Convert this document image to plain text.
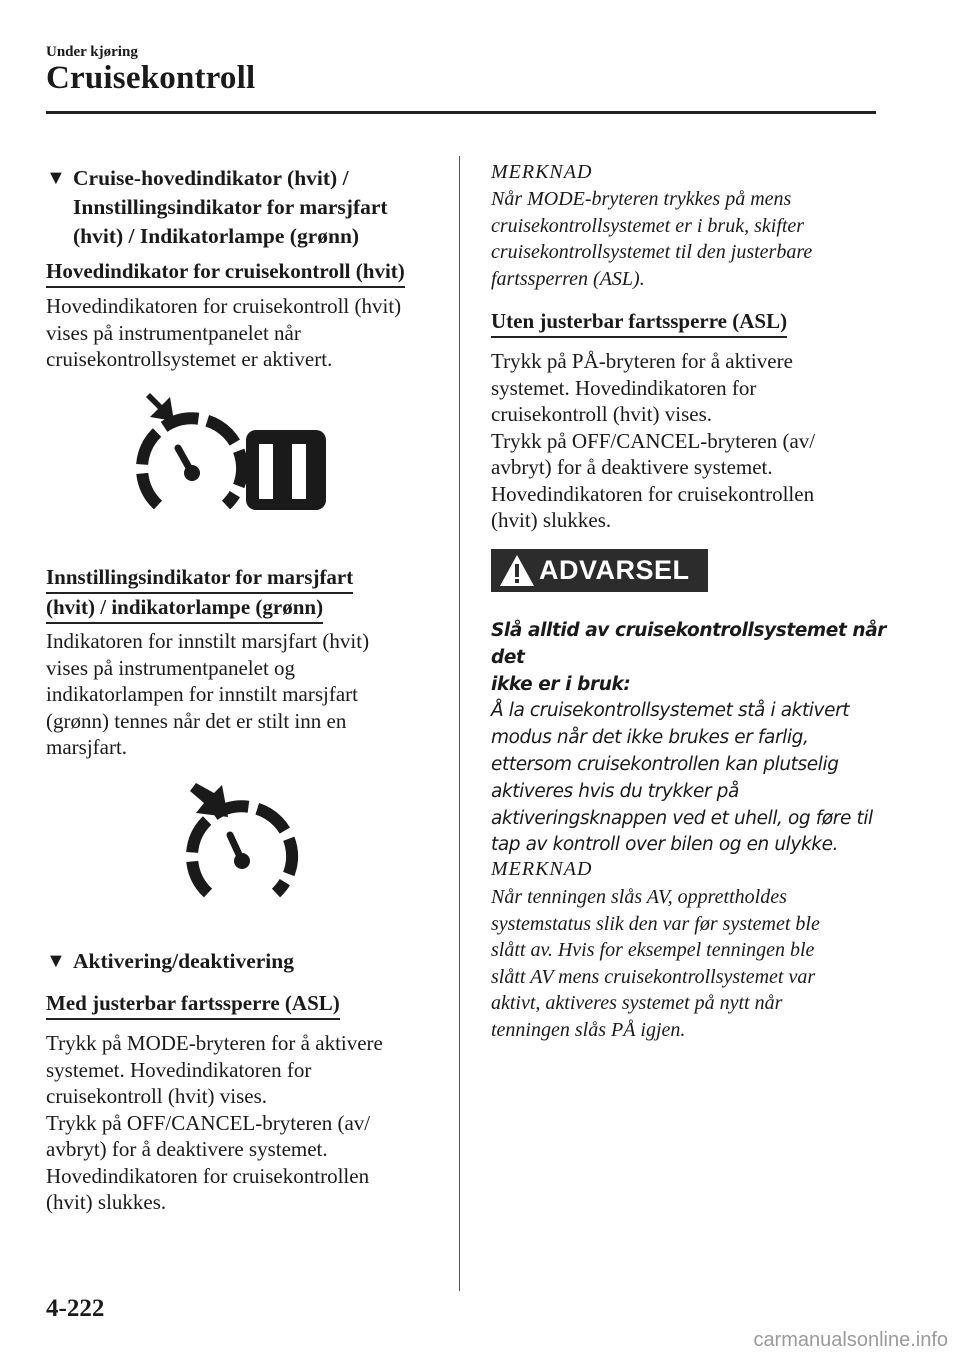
Under kjøring
Cruisekontroll
▼ Cruise-hovedindikator (hvit) /
Innstillingsindikator for marsjfart
(hvit) / Indikatorlampe (grønn)
Hovedindikator for cruisekontroll (hvit)
Hovedindikatoren for cruisekontroll (hvit)
vises på instrumentpanelet når
cruisekontrollsystemet er aktivert.
Innstillingsindikator for marsjfart
(hvit) / indikatorlampe (grønn)
Indikatoren for innstilt marsjfart (hvit)
vises på instrumentpanelet og
indikatorlampen for innstilt marsjfart
(grønn) tennes når det er stilt inn en
marsjfart.
▼ Aktivering/deaktivering
Med justerbar fartssperre (ASL)
Trykk på MODE-bryteren for å aktivere
systemet. Hovedindikatoren for
cruisekontroll (hvit) vises.
Trykk på OFF/CANCEL-bryteren (av/
avbryt) for å deaktivere systemet.
Hovedindikatoren for cruisekontrollen
(hvit) slukkes.
MERKNAD
Når MODE-bryteren trykkes på mens
cruisekontrollsystemet er i bruk, skifter
cruisekontrollsystemet til den justerbare
fartssperren (ASL).
Uten justerbar fartssperre (ASL)
Trykk på PÅ-bryteren for å aktivere
systemet. Hovedindikatoren for
cruisekontroll (hvit) vises.
Trykk på OFF/CANCEL-bryteren (av/
avbryt) for å deaktivere systemet.
Hovedindikatoren for cruisekontrollen
(hvit) slukkes.
ADVARSEL
Slå alltid av cruisekontrollsystemet når det
ikke er i bruk:
Å la cruisekontrollsystemet stå i aktivert
modus når det ikke brukes er farlig,
ettersom cruisekontrollen kan plutselig
aktiveres hvis du trykker på
aktiveringsknappen ved et uhell, og føre til
tap av kontroll over bilen og en ulykke.
MERKNAD
Når tenningen slås AV, opprettholdes
systemstatus slik den var før systemet ble
slått av. Hvis for eksempel tenningen ble
slått AV mens cruisekontrollsystemet var
aktivt, aktiveres systemet på nytt når
tenningen slås PÅ igjen.
4-222
carmanualsonline.info
